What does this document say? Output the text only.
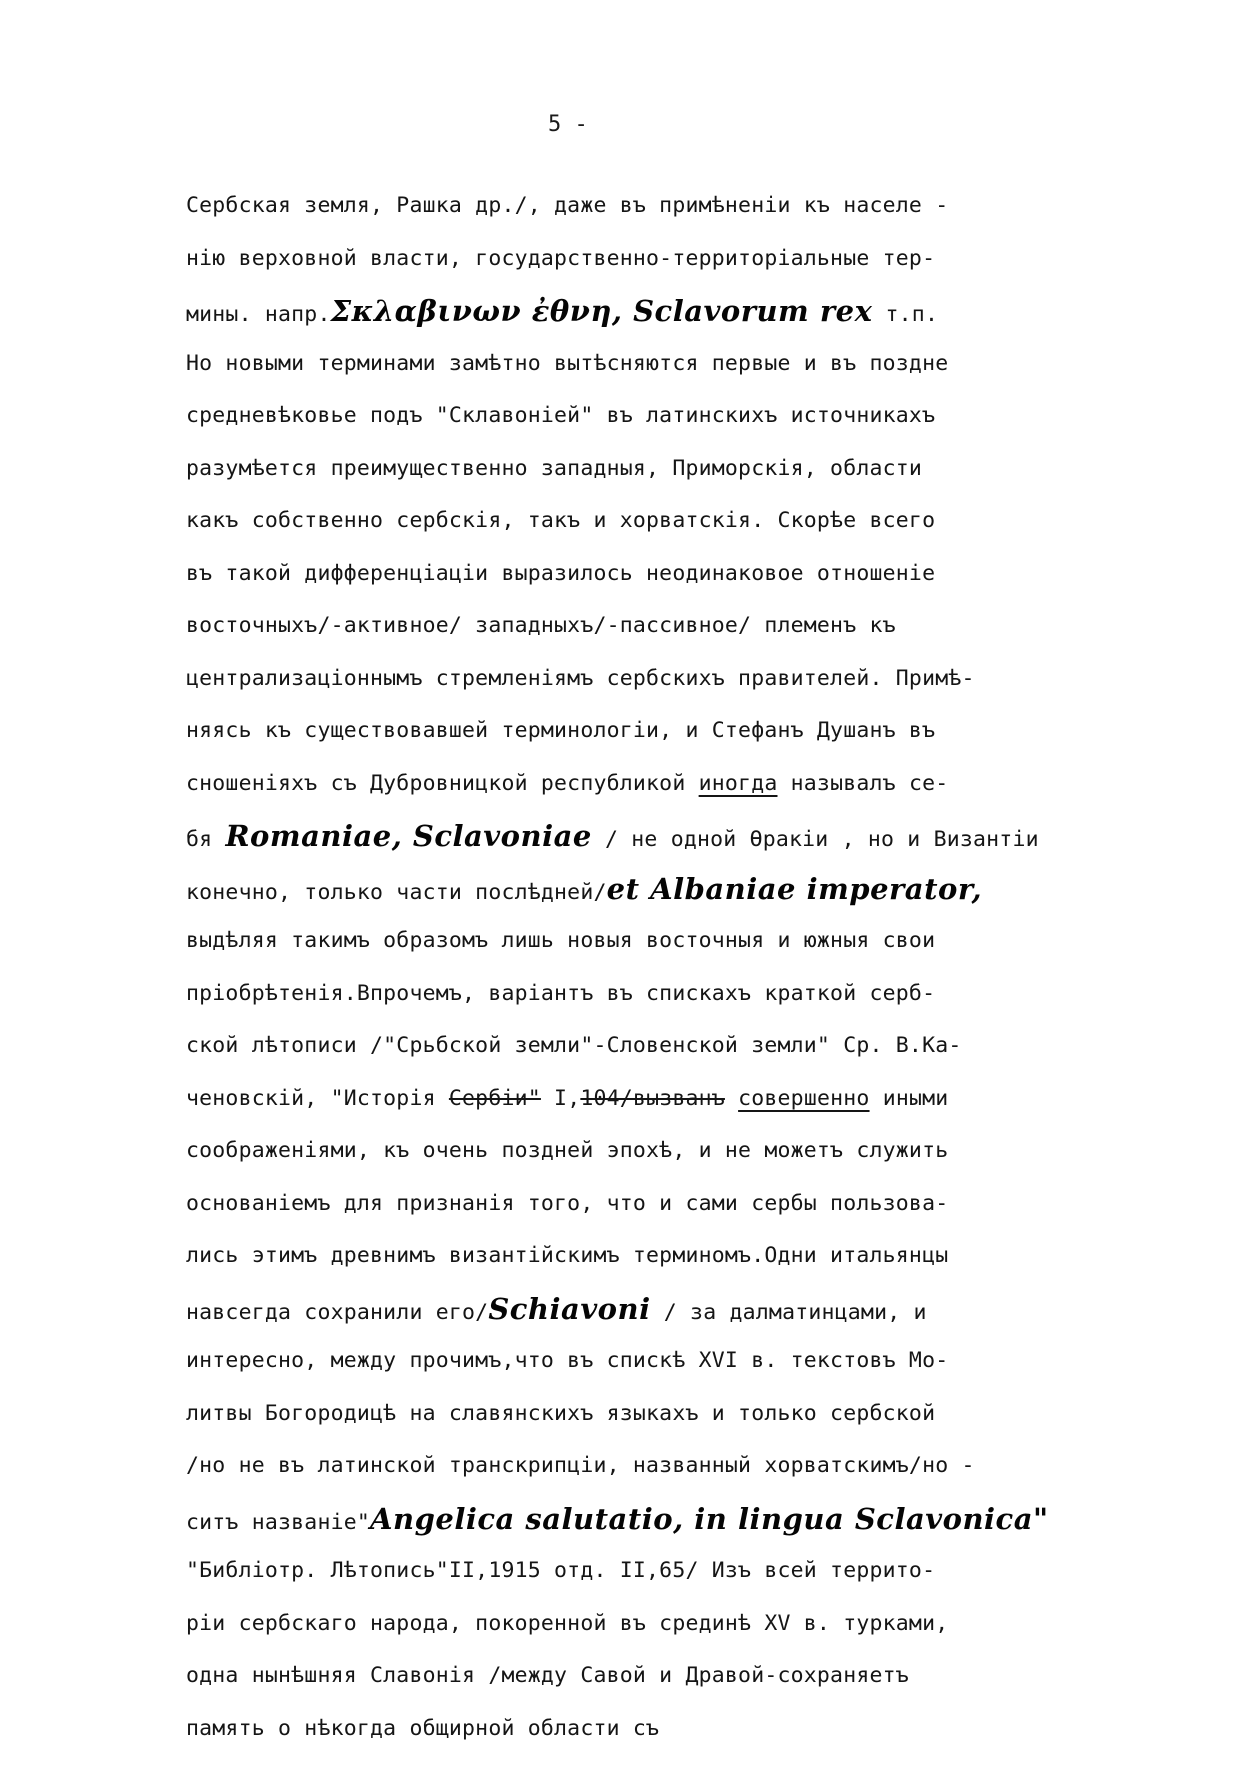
5 -
Сербская земля, Рашка др./, даже въ примѣненіи къ населе -
нію верховной власти, государственно-территоріальные тер-
мины. напр.Σκλαβινων ἐθνη, Sclavorum rex т.п.
Но новыми терминами замѣтно вытѣсняются первые и въ поздне
средневѣковье подъ "Склавоніей" въ латинскихъ источникахъ
разумѣется преимущественно западныя, Приморскія, области
какъ собственно сербскія, такъ и хорватскія. Скорѣе всего
въ такой дифференціаціи выразилось неодинаковое отношеніе
восточныхъ/-активное/ западныхъ/-пассивное/ племенъ къ
централизаціоннымъ стремленіямъ сербскихъ правителей. Примѣ-
няясь къ существовавшей терминологіи, и Стефанъ Душанъ въ
сношеніяхъ съ Дубровницкой республикой иногда называлъ се-
бя Romaniae, Sclavoniae / не одной Ѳракіи , но и Византіи
конечно, только части послѣдней/et Albaniae imperator,
выдѣляя такимъ образомъ лишь новыя восточныя и южныя свои
пріобрѣтенія.Впрочемъ, варіантъ въ спискахъ краткой серб-
ской лѣтописи /"Срьбской земли"-Словенской земли" Ср. В.Ка-
ченовскій, "Исторія Сербіи" I,104/вызванъ совершенно иными
соображеніями, къ очень поздней эпохѣ, и не можетъ служить
основаніемъ для признанія того, что и сами сербы пользова-
лись этимъ древнимъ византійскимъ терминомъ.Одни итальянцы
навсегда сохранили его/Schiavoni / за далматинцами, и
интересно, между прочимъ,что въ спискѣ XVI в. текстовъ Мо-
литвы Богородицѣ на славянскихъ языкахъ и только сербской
/но не въ латинской транскрипціи, названный хорватскимъ/но -
ситъ названіе"Angelica salutatio, in lingua Sclavonica"
"Библіотр. Лѣтопись"II,1915 отд. II,65/ Изъ всей террито-
ріи сербскаго народа, покоренной въ срединѣ XV в. турками,
одна нынѣшняя Славонія /между Савой и Дравой-сохраняетъ
память о нѣкогда общирной области съ
